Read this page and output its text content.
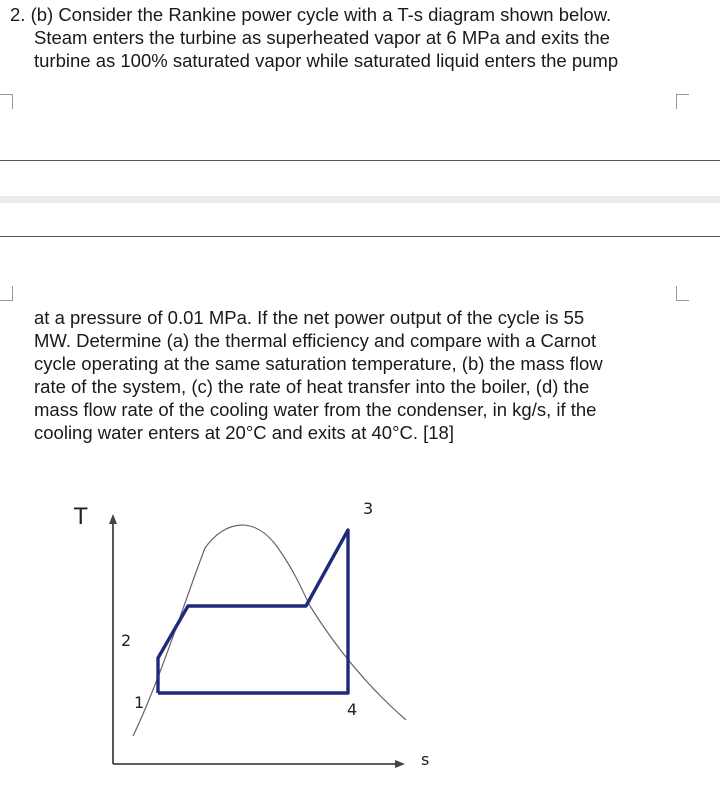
2. (b) Consider the Rankine power cycle with a T-s diagram shown below.
Steam enters the turbine as superheated vapor at 6 MPa and exits the
turbine as 100% saturated vapor while saturated liquid enters the pump
at a pressure of 0.01 MPa. If the net power output of the cycle is 55
MW. Determine (a) the thermal efficiency and compare with a Carnot
cycle operating at the same saturation temperature, (b) the mass flow
rate of the system, (c) the rate of heat transfer into the boiler, (d) the
mass flow rate of the cooling water from the condenser, in kg/s, if the
cooling water enters at 20°C and exits at 40°C. [18]
T
s
1
2
3
4
